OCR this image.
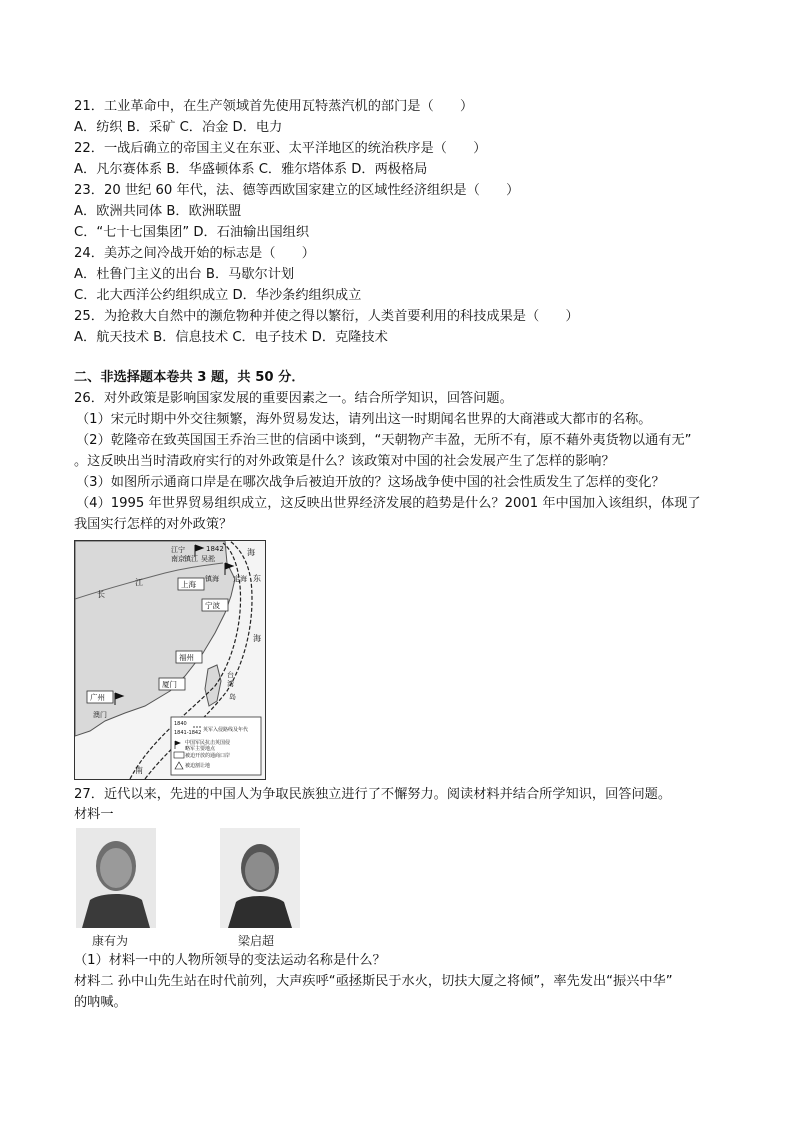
21．工业革命中，在生产领域首先使用瓦特蒸汽机的部门是（　　）
A．纺织 B．采矿 C．冶金 D．电力
22．一战后确立的帝国主义在东亚、太平洋地区的统治秩序是（　　）
A．凡尔赛体系 B．华盛顿体系 C．雅尔塔体系 D．两极格局
23．20 世纪 60 年代，法、德等西欧国家建立的区域性经济组织是（　　）
A．欧洲共同体 B．欧洲联盟
C．“七十七国集团” D．石油输出国组织
24．美苏之间冷战开始的标志是（　　）
A．杜鲁门主义的出台 B．马歇尔计划
C．北大西洋公约组织成立 D．华沙条约组织成立
25．为抢救大自然中的濒危物种并使之得以繁衍，人类首要利用的科技成果是（　　）
A．航天技术 B．信息技术 C．电子技术 D．克隆技术
二、非选择题本卷共 3 题，共 50 分．
26．对外政策是影响国家发展的重要因素之一。结合所学知识，回答问题。
（1）宋元时期中外交往频繁，海外贸易发达，请列出这一时期闻名世界的大商港或大都市的名称。
（2）乾隆帝在致英国国王乔治三世的信函中谈到，“天朝物产丰盈，无所不有，原不藉外夷货物以通有无”
。这反映出当时清政府实行的对外政策是什么？该政策对中国的社会发展产生了怎样的影响？
（3）如图所示通商口岸是在哪次战争后被迫开放的？这场战争使中国的社会性质发生了怎样的变化？
（4）1995 年世界贸易组织成立，这反映出世界经济发展的趋势是什么？2001 年中国加入该组织，体现了
我国实行怎样的对外政策？
江宁
南京 镇江 吴淞
1842
上海
镇海 定海
宁波
福州
厦门
广州
澳门
台
湾
岛
长
江
海
东
海
南
1840
1841-1842 英军入侵路线及年代
中国军民抗击英国侵
略军主要地点
被迫开放的通商口岸
被迫割让地
27．近代以来，先进的中国人为争取民族独立进行了不懈努力。阅读材料并结合所学知识，回答问题。
材料一
康有为	梁启超
（1）材料一中的人物所领导的变法运动名称是什么？
材料二 孙中山先生站在时代前列，大声疾呼“亟拯斯民于水火，切扶大厦之将倾”，率先发出“振兴中华”
的呐喊。
